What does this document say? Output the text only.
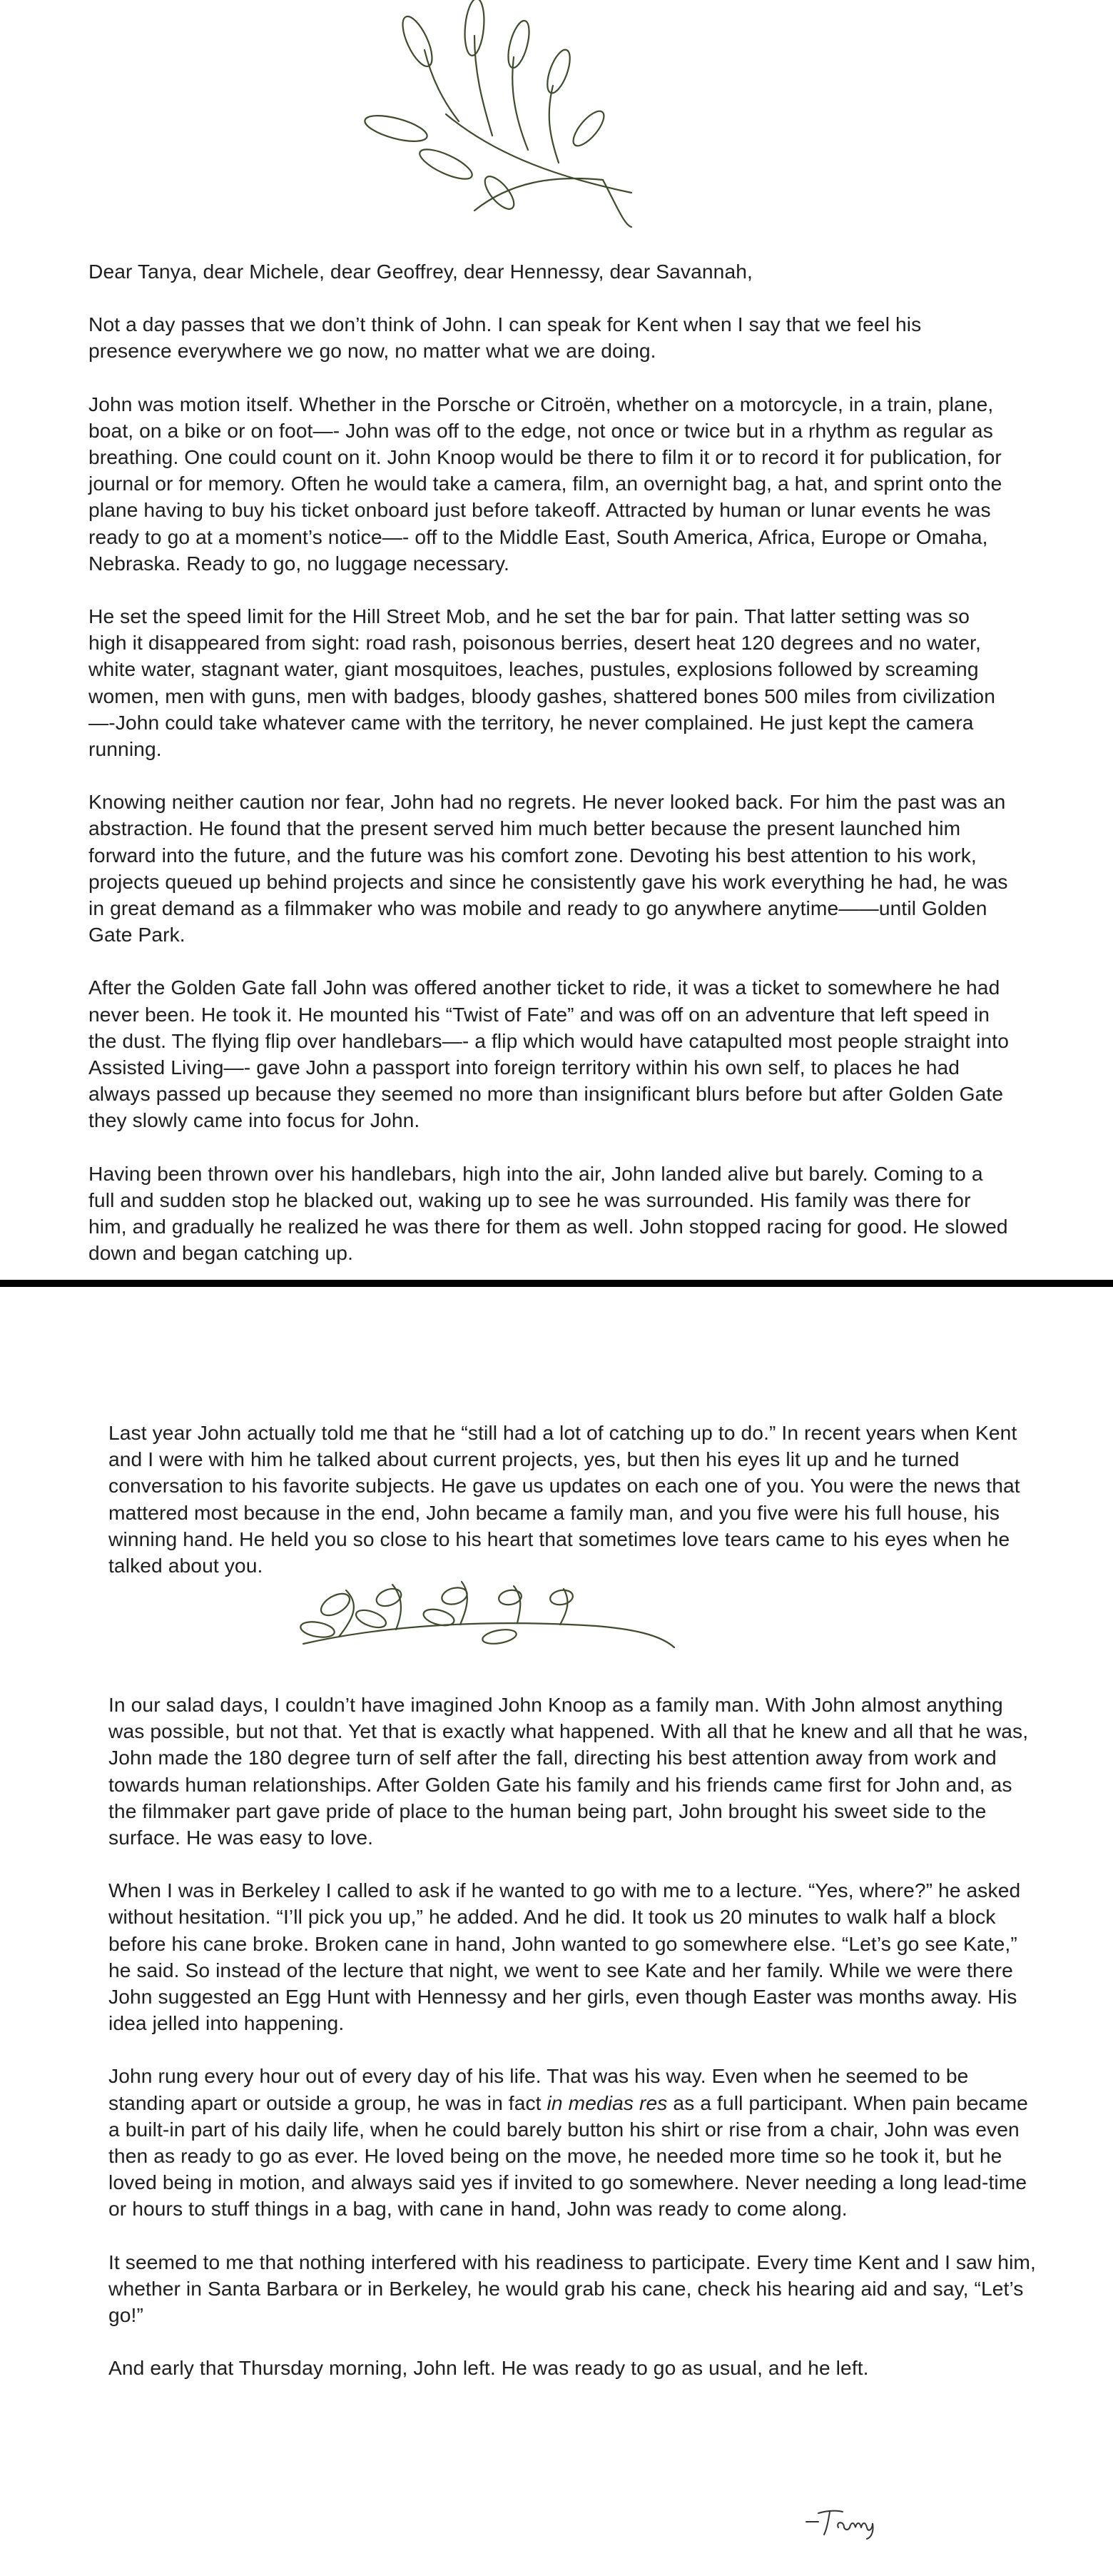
Dear Tanya, dear Michele, dear Geoffrey, dear Hennessy, dear Savannah,

Not a day passes that we don’t think of John. I can speak for Kent when I say that we feel his presence everywhere we go now, no matter what we are doing.

John was motion itself. Whether in the Porsche or Citroën, whether on a motorcycle, in a train, plane, boat, on a bike or on foot—- John was off to the edge, not once or twice but in a rhythm as regular as breathing. One could count on it. John Knoop would be there to film it or to record it for publication, for journal or for memory. Often he would take a camera, film, an overnight bag, a hat, and sprint onto the plane having to buy his ticket onboard just before takeoff. Attracted by human or lunar events he was ready to go at a moment’s notice—- off to the Middle East, South America, Africa, Europe or Omaha, Nebraska. Ready to go, no luggage necessary.

He set the speed limit for the Hill Street Mob, and he set the bar for pain. That latter setting was so high it disappeared from sight: road rash, poisonous berries, desert heat 120 degrees and no water, white water, stagnant water, giant mosquitoes, leaches, pustules, explosions followed by screaming women, men with guns, men with badges, bloody gashes, shattered bones 500 miles from civilization—-John could take whatever came with the territory, he never complained. He just kept the camera running.

Knowing neither caution nor fear, John had no regrets. He never looked back. For him the past was an abstraction. He found that the present served him much better because the present launched him forward into the future, and the future was his comfort zone. Devoting his best attention to his work, projects queued up behind projects and since he consistently gave his work everything he had, he was in great demand as a filmmaker who was mobile and ready to go anywhere anytime——until Golden Gate Park.

After the Golden Gate fall John was offered another ticket to ride, it was a ticket to somewhere he had never been. He took it. He mounted his “Twist of Fate” and was off on an adventure that left speed in the dust. The flying flip over handlebars—- a flip which would have catapulted most people straight into Assisted Living—- gave John a passport into foreign territory within his own self, to places he had always passed up because they seemed no more than insignificant blurs before but after Golden Gate they slowly came into focus for John.

Having been thrown over his handlebars, high into the air, John landed alive but barely. Coming to a full and sudden stop he blacked out, waking up to see he was surrounded. His family was there for him, and gradually he realized he was there for them as well. John stopped racing for good. He slowed down and began catching up.

Last year John actually told me that he “still had a lot of catching up to do.” In recent years when Kent and I were with him he talked about current projects, yes, but then his eyes lit up and he turned conversation to his favorite subjects. He gave us updates on each one of you. You were the news that mattered most because in the end, John became a family man, and you five were his full house, his winning hand. He held you so close to his heart that sometimes love tears came to his eyes when he talked about you.

In our salad days, I couldn’t have imagined John Knoop as a family man. With John almost anything was possible, but not that. Yet that is exactly what happened. With all that he knew and all that he was, John made the 180 degree turn of self after the fall, directing his best attention away from work and towards human relationships. After Golden Gate his family and his friends came first for John and, as the filmmaker part gave pride of place to the human being part, John brought his sweet side to the surface. He was easy to love.

When I was in Berkeley I called to ask if he wanted to go with me to a lecture. “Yes, where?” he asked without hesitation. “I’ll pick you up,” he added. And he did. It took us 20 minutes to walk half a block before his cane broke. Broken cane in hand, John wanted to go somewhere else. “Let’s go see Kate,” he said. So instead of the lecture that night, we went to see Kate and her family. While we were there John suggested an Egg Hunt with Hennessy and her girls, even though Easter was months away. His idea jelled into happening.

John rung every hour out of every day of his life. That was his way. Even when he seemed to be standing apart or outside a group, he was in fact in medias res as a full participant. When pain became a built-in part of his daily life, when he could barely button his shirt or rise from a chair, John was even then as ready to go as ever. He loved being on the move, he needed more time so he took it, but he loved being in motion, and always said yes if invited to go somewhere. Never needing a long lead-time or hours to stuff things in a bag, with cane in hand, John was ready to come along.

It seemed to me that nothing interfered with his readiness to participate. Every time Kent and I saw him, whether in Santa Barbara or in Berkeley, he would grab his cane, check his hearing aid and say, “Let’s go!”

And early that Thursday morning, John left. He was ready to go as usual, and he left.
